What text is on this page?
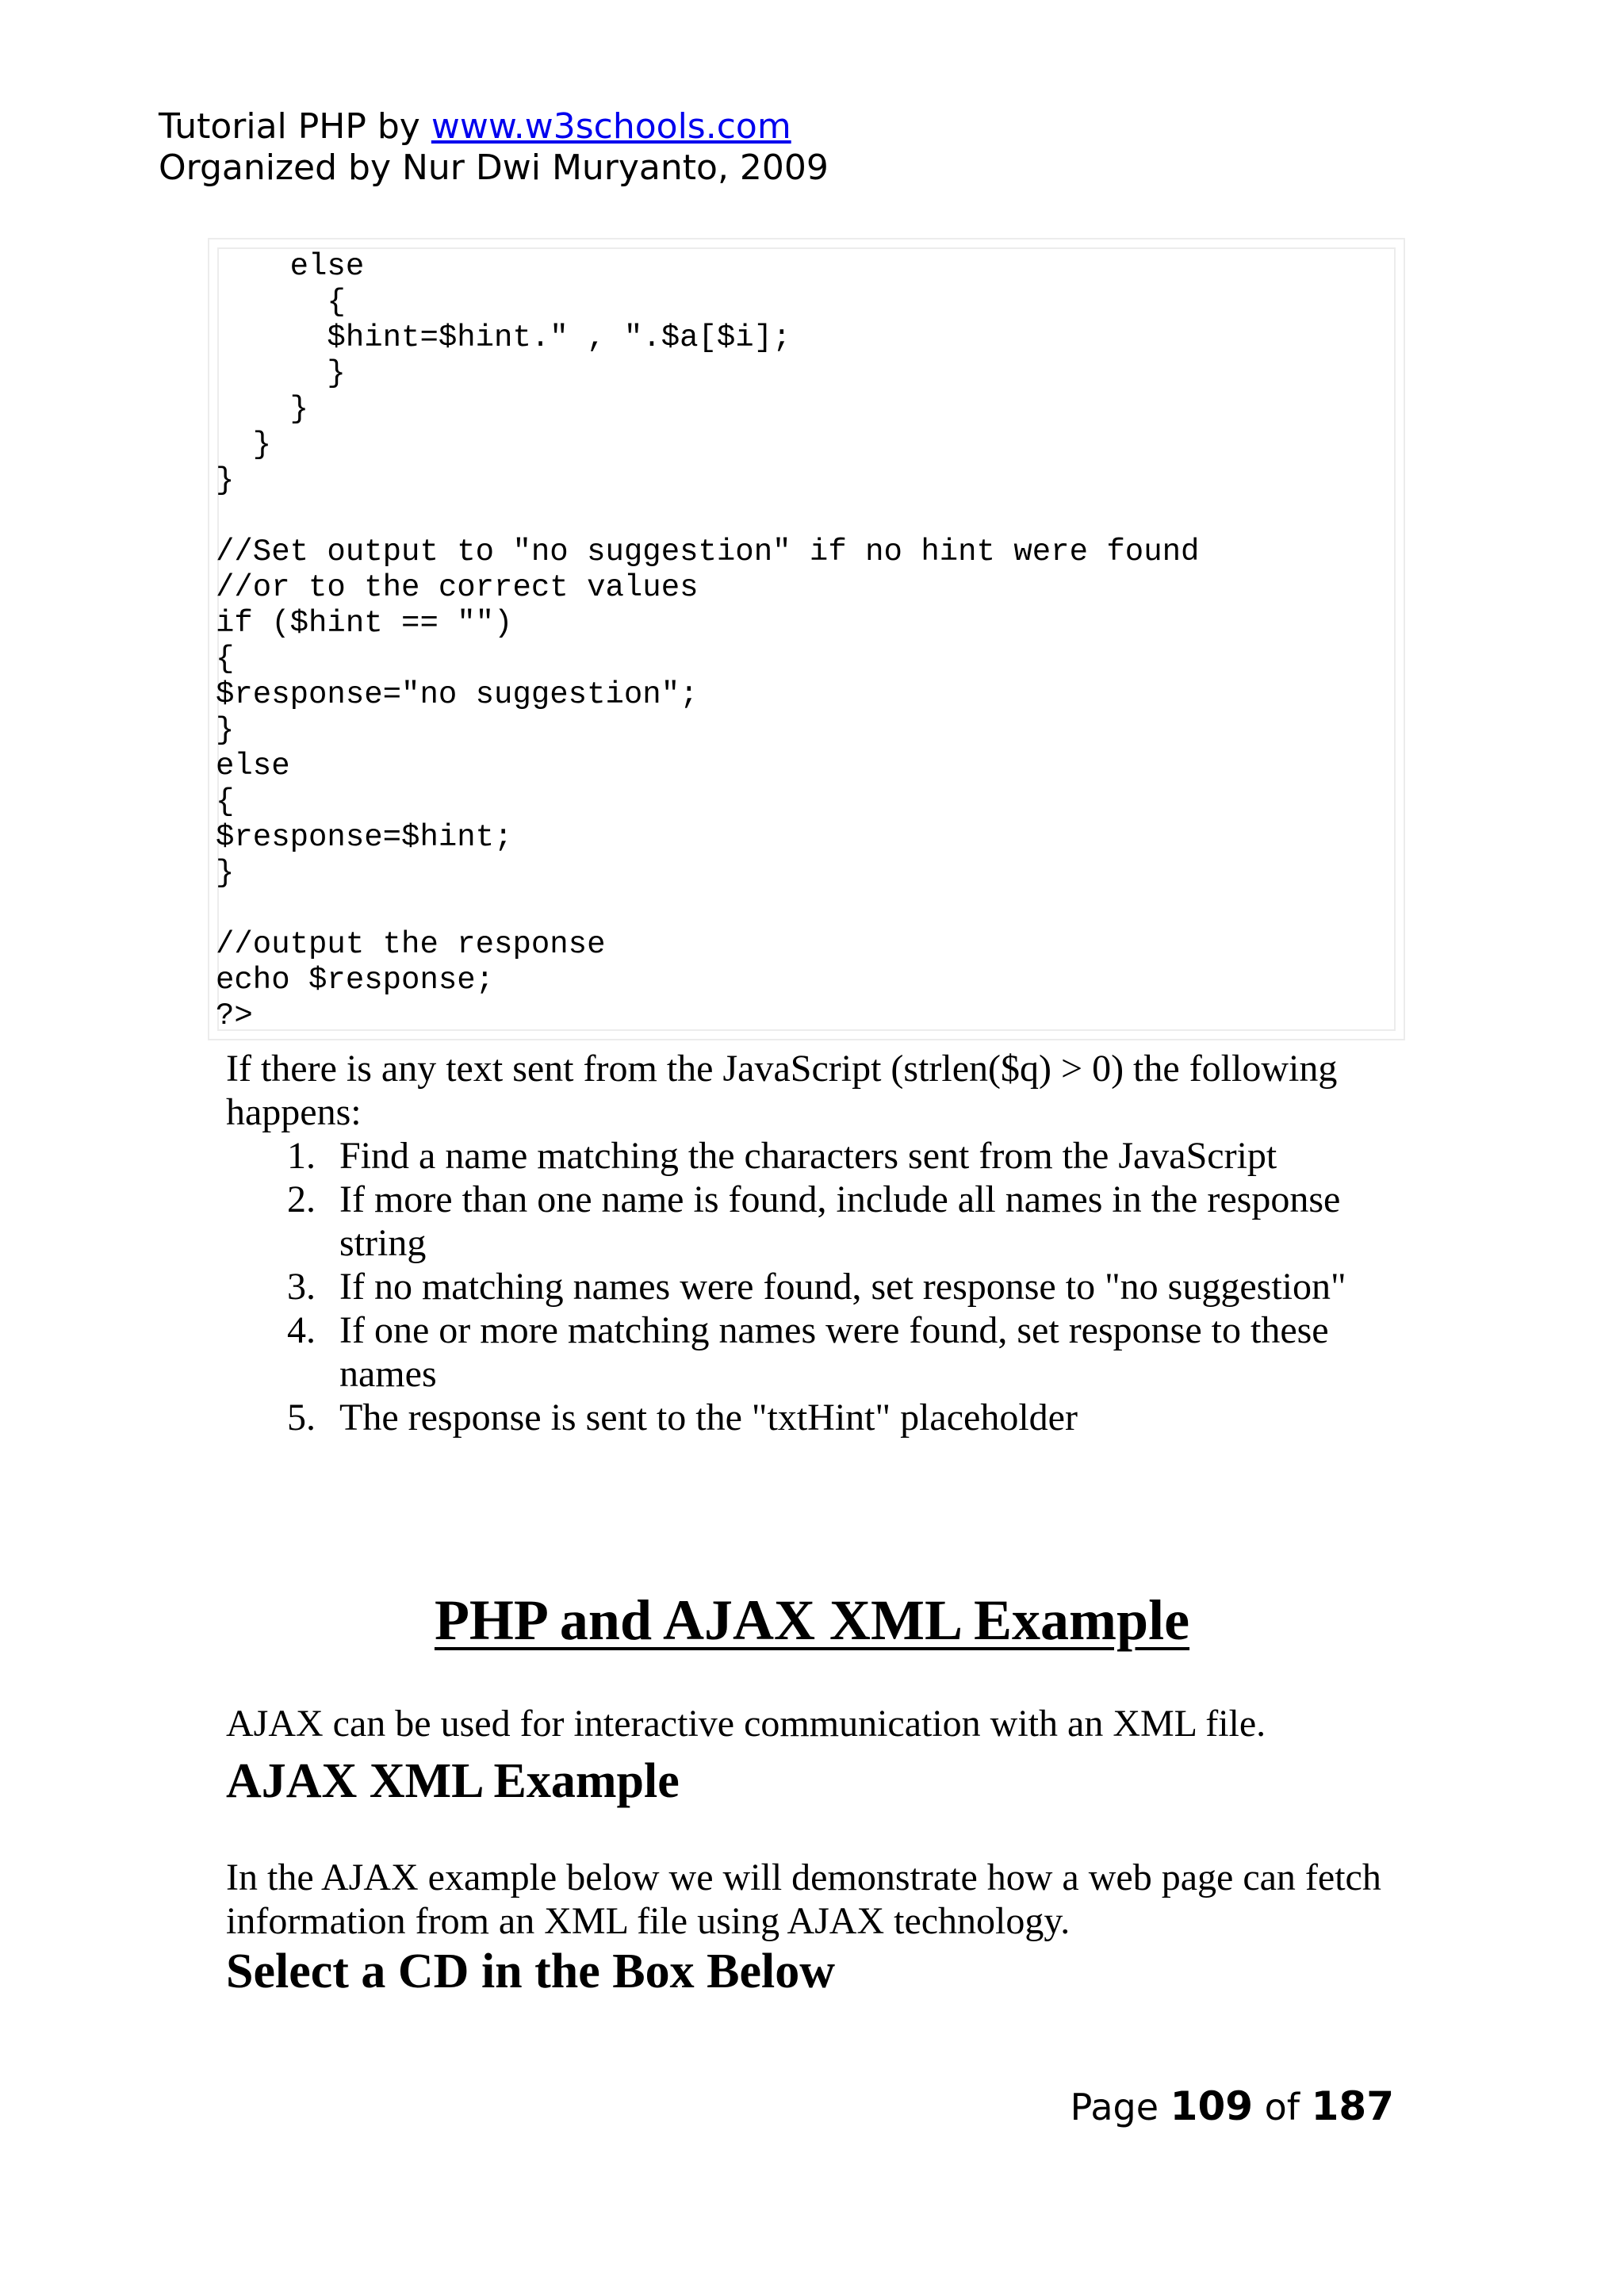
Tutorial PHP by www.w3schools.com
Organized by Nur Dwi Muryanto, 2009
else
{
$hint=$hint." , ".$a[$i];
}
}
}
}
//Set output to "no suggestion" if no hint were found
//or to the correct values
if ($hint == "")
{
$response="no suggestion";
}
else
{
$response=$hint;
}
//output the response
echo $response;
?>
If there is any text sent from the JavaScript (strlen($q) > 0) the following happens:
1. Find a name matching the characters sent from the JavaScript
2. If more than one name is found, include all names in the response string
3. If no matching names were found, set response to "no suggestion"
4. If one or more matching names were found, set response to these names
5. The response is sent to the "txtHint" placeholder
PHP and AJAX XML Example
AJAX can be used for interactive communication with an XML file.
AJAX XML Example
In the AJAX example below we will demonstrate how a web page can fetch information from an XML file using AJAX technology.
Select a CD in the Box Below
Page 109 of 187
